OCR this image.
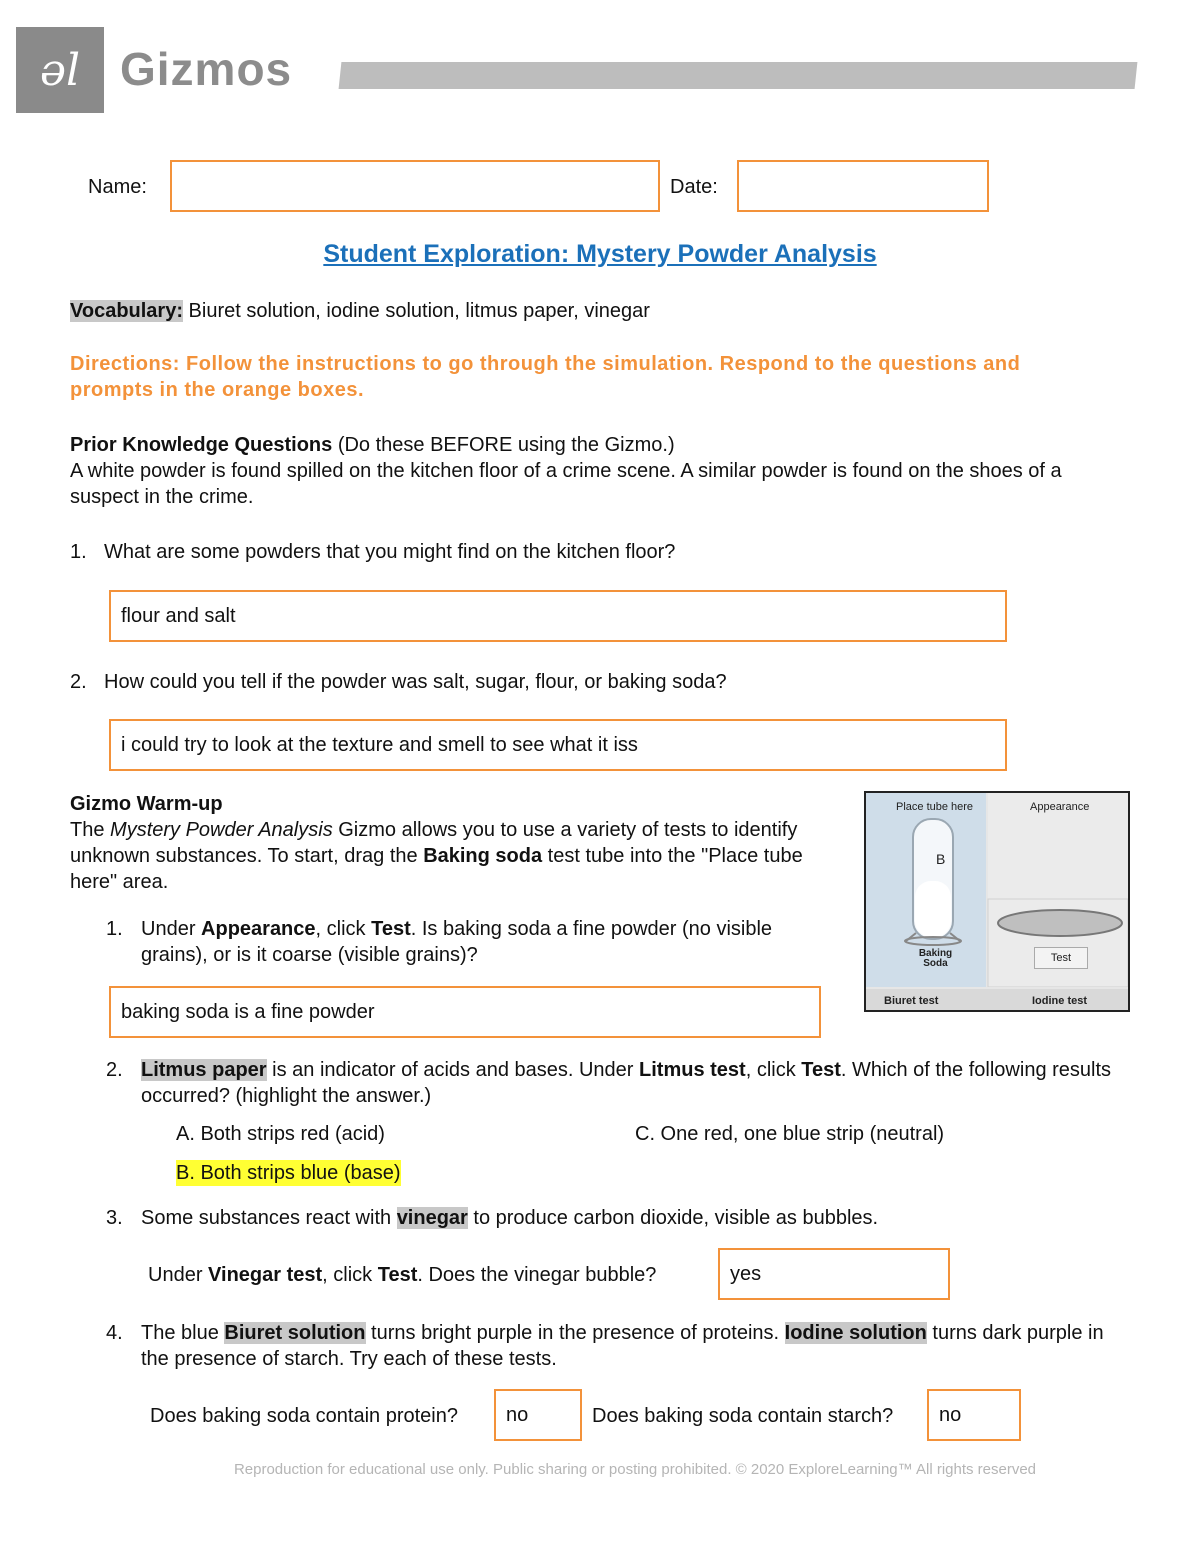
ǝl Gizmos
Name:	Date:
Student Exploration: Mystery Powder Analysis
Vocabulary: Biuret solution, iodine solution, litmus paper, vinegar
Directions: Follow the instructions to go through the simulation. Respond to the questions and prompts in the orange boxes.
Prior Knowledge Questions (Do these BEFORE using the Gizmo.)
A white powder is found spilled on the kitchen floor of a crime scene. A similar powder is found on the shoes of a suspect in the crime.
1. What are some powders that you might find on the kitchen floor?
flour and salt
2. How could you tell if the powder was salt, sugar, flour, or baking soda?
i could try to look at the texture and smell to see what it iss
Gizmo Warm-up
The Mystery Powder Analysis Gizmo allows you to use a variety of tests to identify unknown substances. To start, drag the Baking soda test tube into the "Place tube here" area.
Place tube here	Appearance
B
Baking Soda	Test
Biuret test	Iodine test
1. Under Appearance, click Test. Is baking soda a fine powder (no visible grains), or is it coarse (visible grains)?
baking soda is a fine powder
2. Litmus paper is an indicator of acids and bases. Under Litmus test, click Test. Which of the following results occurred? (highlight the answer.)
A. Both strips red (acid)	C. One red, one blue strip (neutral)
B. Both strips blue (base)
3. Some substances react with vinegar to produce carbon dioxide, visible as bubbles.
Under Vinegar test, click Test. Does the vinegar bubble?	yes
4. The blue Biuret solution turns bright purple in the presence of proteins. Iodine solution turns dark purple in the presence of starch. Try each of these tests.
Does baking soda contain protein?	no	Does baking soda contain starch?	no
Reproduction for educational use only. Public sharing or posting prohibited. © 2020 ExploreLearning™ All rights reserved
